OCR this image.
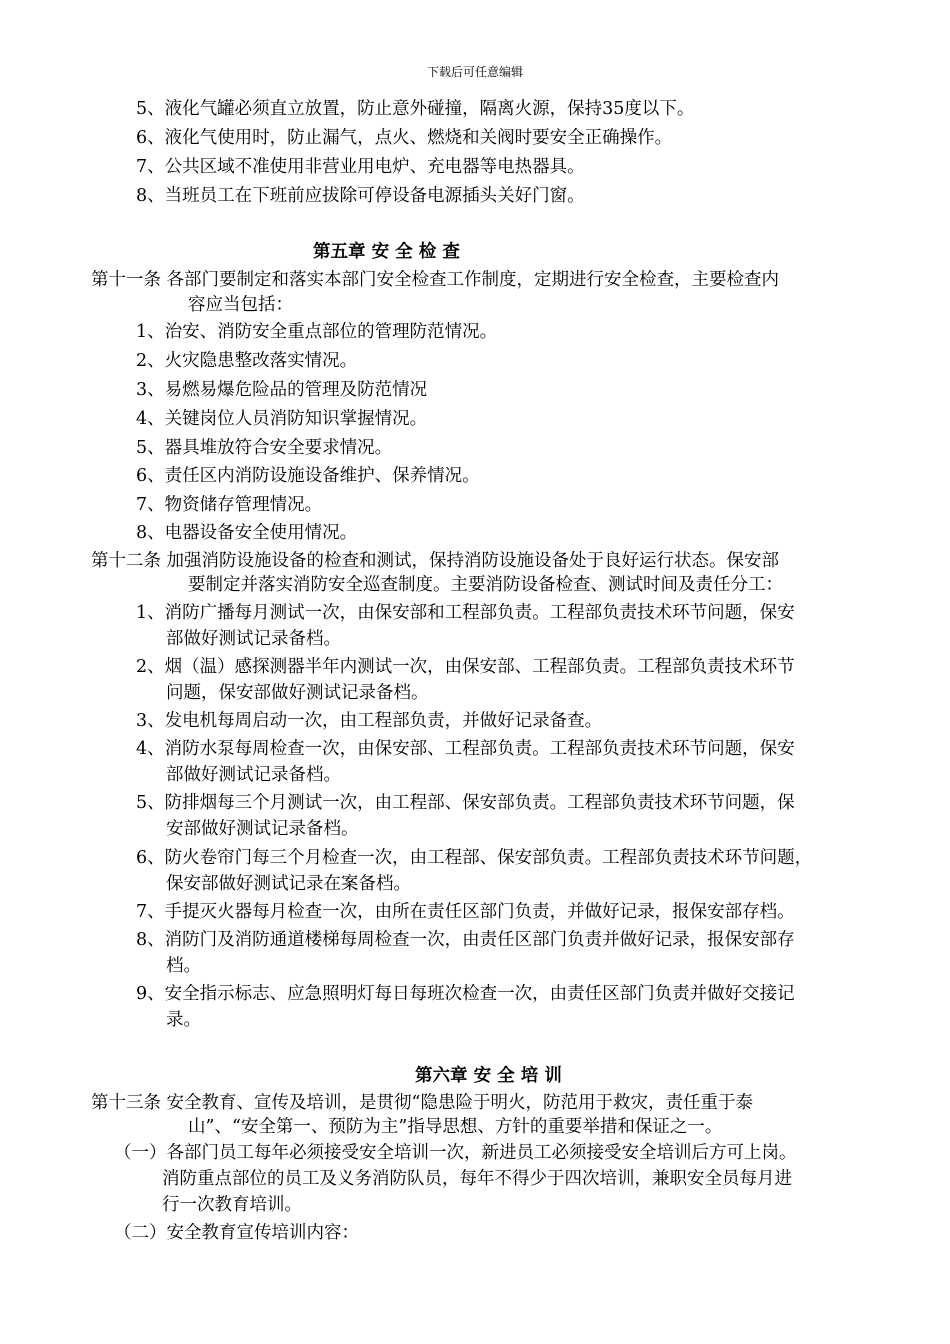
下载后可任意编辑
5、液化气罐必须直立放置，防止意外碰撞，隔离火源，保持35度以下。
6、液化气使用时，防止漏气，点火、燃烧和关阀时要安全正确操作。
7、公共区域不准使用非营业用电炉、充电器等电热器具。
8、当班员工在下班前应拔除可停设备电源插头关好门窗。
第五章 安 全 检 查
第十一条 各部门要制定和落实本部门安全检查工作制度，定期进行安全检查，主要检查内
容应当包括：
1、治安、消防安全重点部位的管理防范情况。
2、火灾隐患整改落实情况。
3、易燃易爆危险品的管理及防范情况
4、关键岗位人员消防知识掌握情况。
5、器具堆放符合安全要求情况。
6、责任区内消防设施设备维护、保养情况。
7、物资储存管理情况。
8、电器设备安全使用情况。
第十二条 加强消防设施设备的检查和测试，保持消防设施设备处于良好运行状态。保安部
要制定并落实消防安全巡查制度。主要消防设备检查、测试时间及责任分工：
1、消防广播每月测试一次，由保安部和工程部负责。工程部负责技术环节问题，保安
部做好测试记录备档。
2、烟（温）感探测器半年内测试一次，由保安部、工程部负责。工程部负责技术环节
问题，保安部做好测试记录备档。
3、发电机每周启动一次，由工程部负责，并做好记录备查。
4、消防水泵每周检查一次，由保安部、工程部负责。工程部负责技术环节问题，保安
部做好测试记录备档。
5、防排烟每三个月测试一次，由工程部、保安部负责。工程部负责技术环节问题，保
安部做好测试记录备档。
6、防火卷帘门每三个月检查一次，由工程部、保安部负责。工程部负责技术环节问题，
保安部做好测试记录在案备档。
7、手提灭火器每月检查一次，由所在责任区部门负责，并做好记录，报保安部存档。
8、消防门及消防通道楼梯每周检查一次，由责任区部门负责并做好记录，报保安部存
档。
9、安全指示标志、应急照明灯每日每班次检查一次，由责任区部门负责并做好交接记
录。
第六章 安 全 培 训
第十三条 安全教育、宣传及培训，是贯彻“隐患险于明火，防范用于救灾，责任重于泰
山”、“安全第一、预防为主”指导思想、方针的重要举措和保证之一。
（一）各部门员工每年必须接受安全培训一次，新进员工必须接受安全培训后方可上岗。
消防重点部位的员工及义务消防队员，每年不得少于四次培训，兼职安全员每月进
行一次教育培训。
（二）安全教育宣传培训内容：
